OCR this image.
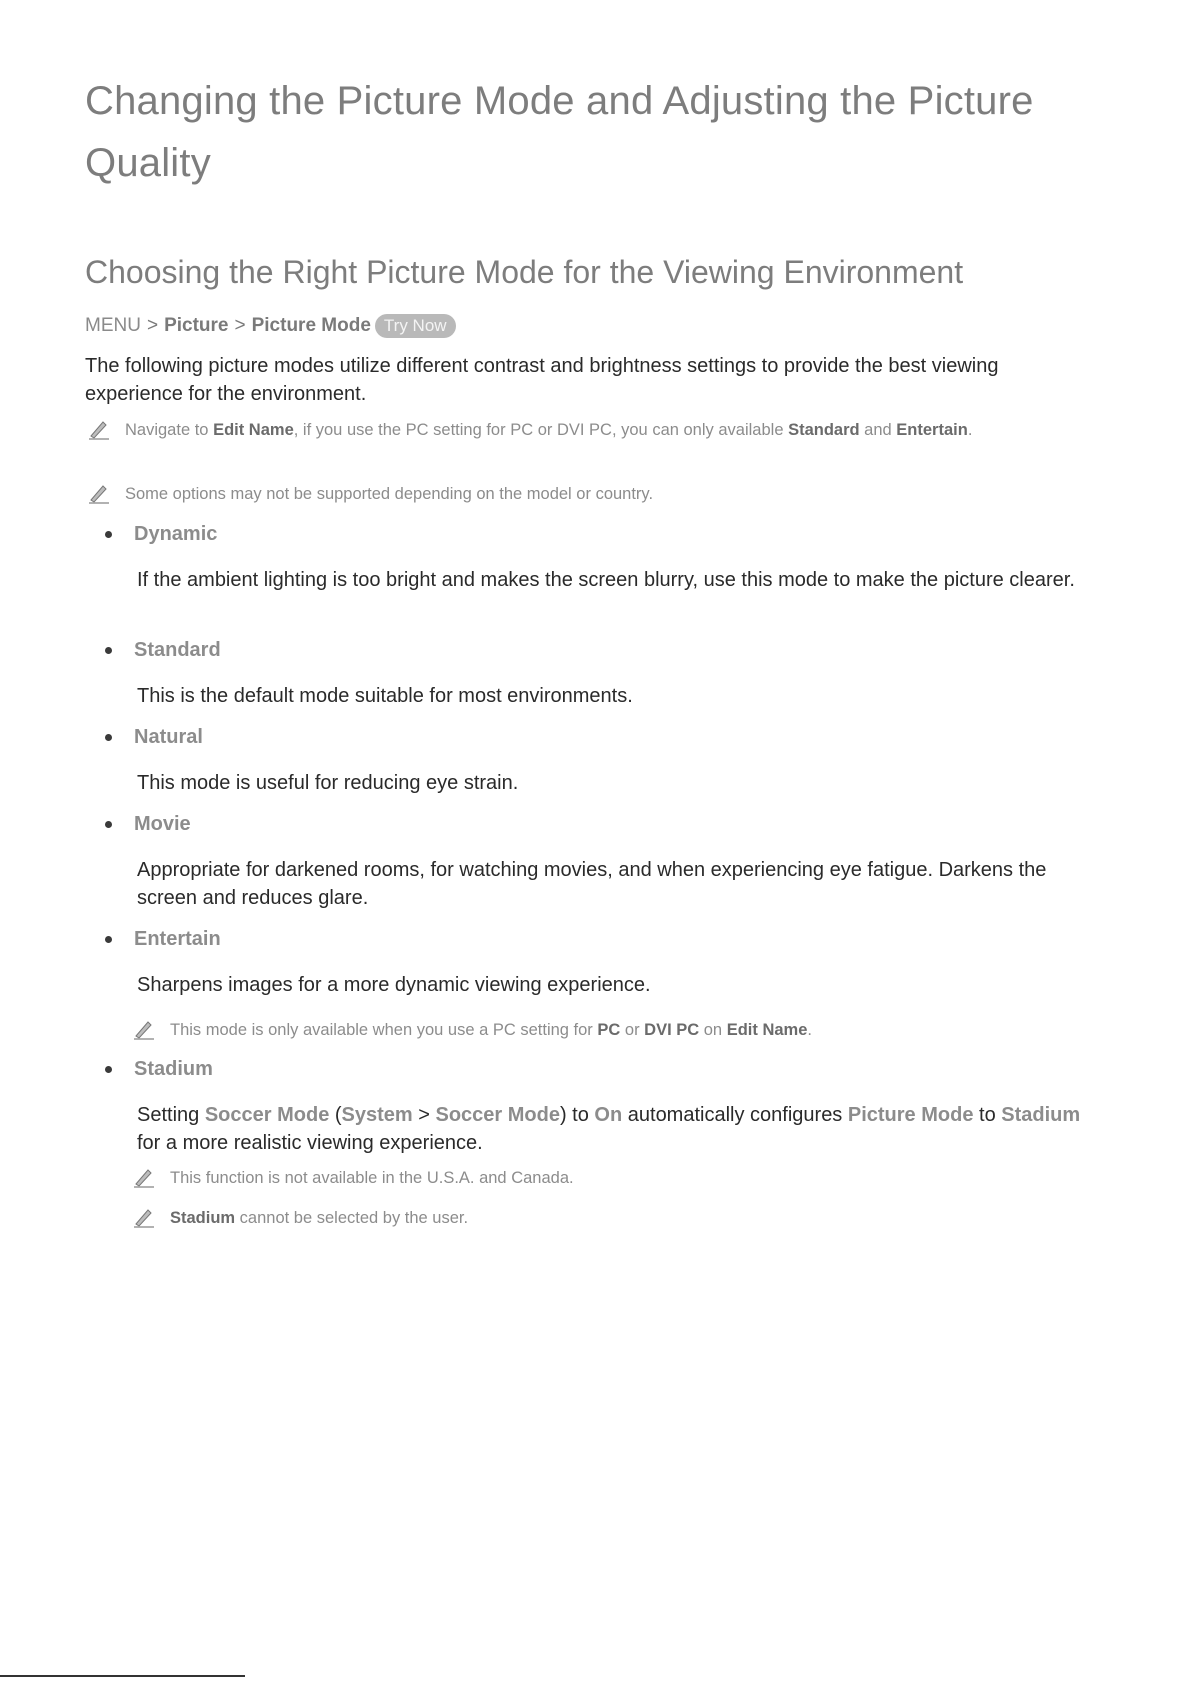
Changing the Picture Mode and Adjusting the Picture Quality
Choosing the Right Picture Mode for the Viewing Environment
MENU > Picture > Picture Mode Try Now
The following picture modes utilize different contrast and brightness settings to provide the best viewing experience for the environment.
Navigate to Edit Name, if you use the PC setting for PC or DVI PC, you can only available Standard and Entertain.
Some options may not be supported depending on the model or country.
Dynamic
If the ambient lighting is too bright and makes the screen blurry, use this mode to make the picture clearer.
Standard
This is the default mode suitable for most environments.
Natural
This mode is useful for reducing eye strain.
Movie
Appropriate for darkened rooms, for watching movies, and when experiencing eye fatigue. Darkens the screen and reduces glare.
Entertain
Sharpens images for a more dynamic viewing experience.
This mode is only available when you use a PC setting for PC or DVI PC on Edit Name.
Stadium
Setting Soccer Mode (System > Soccer Mode) to On automatically configures Picture Mode to Stadium for a more realistic viewing experience.
This function is not available in the U.S.A. and Canada.
Stadium cannot be selected by the user.
